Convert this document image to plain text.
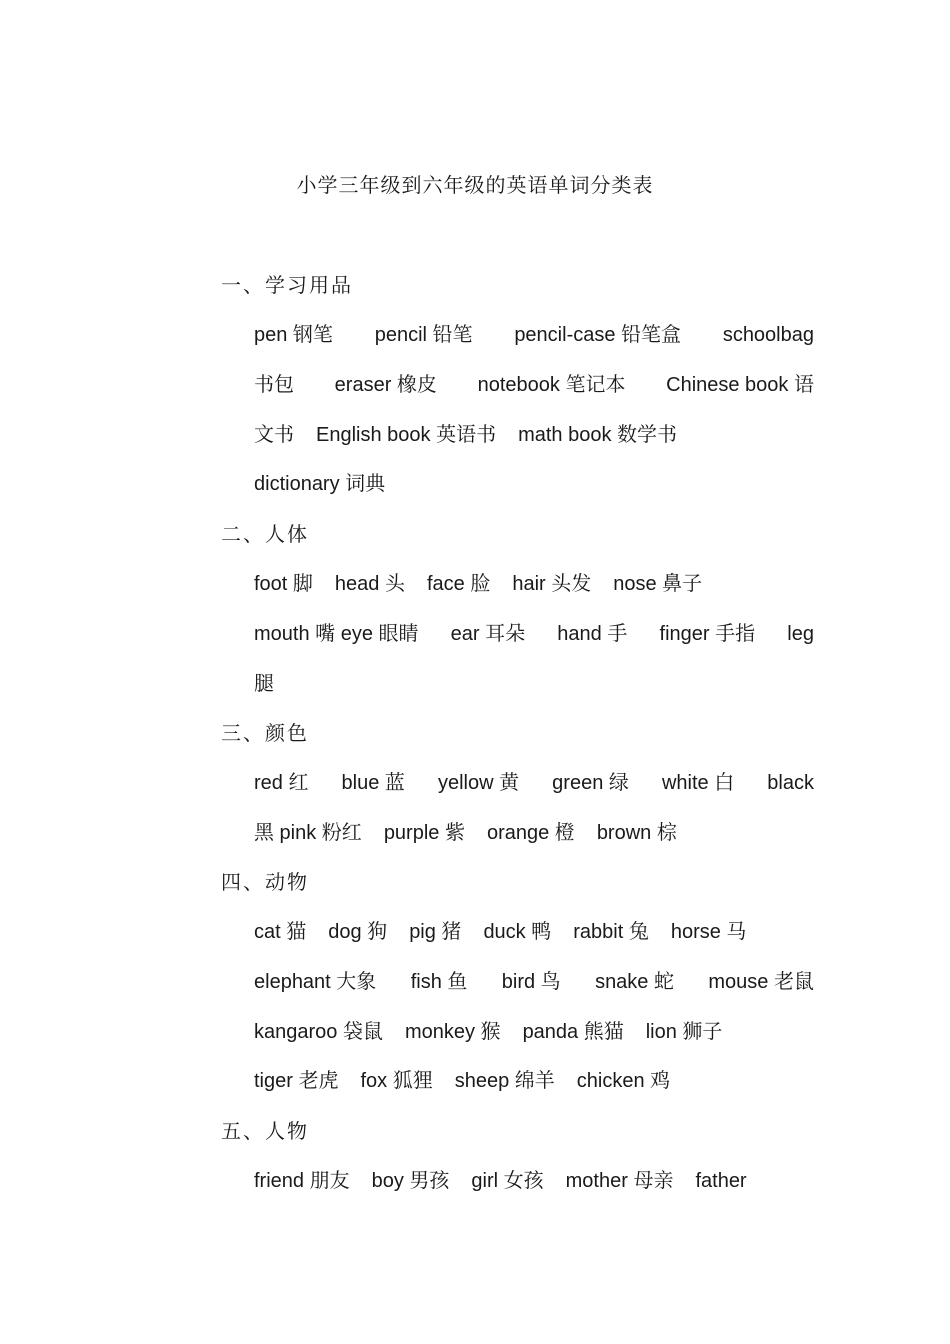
小学三年级到六年级的英语单词分类表
一、学习用品
pen 钢笔 pencil 铅笔 pencil-case 铅笔盒 schoolbag
书包 eraser 橡皮 notebook 笔记本 Chinese book 语
文书 English book 英语书 math book 数学书
dictionary 词典
二、人体
foot 脚 head 头 face 脸 hair 头发 nose 鼻子
mouth 嘴 eye 眼睛 ear 耳朵 hand 手 finger 手指 leg
腿
三、颜色
red 红 blue 蓝 yellow 黄 green 绿 white 白 black
黑 pink 粉红 purple 紫 orange 橙 brown 棕
四、动物
cat 猫 dog 狗 pig 猪 duck 鸭 rabbit 兔 horse 马
elephant 大象 fish 鱼 bird 鸟 snake 蛇 mouse 老鼠
kangaroo 袋鼠 monkey 猴 panda 熊猫 lion 狮子
tiger 老虎 fox 狐狸 sheep 绵羊 chicken 鸡
五、人物
friend 朋友 boy 男孩 girl 女孩 mother 母亲 father
